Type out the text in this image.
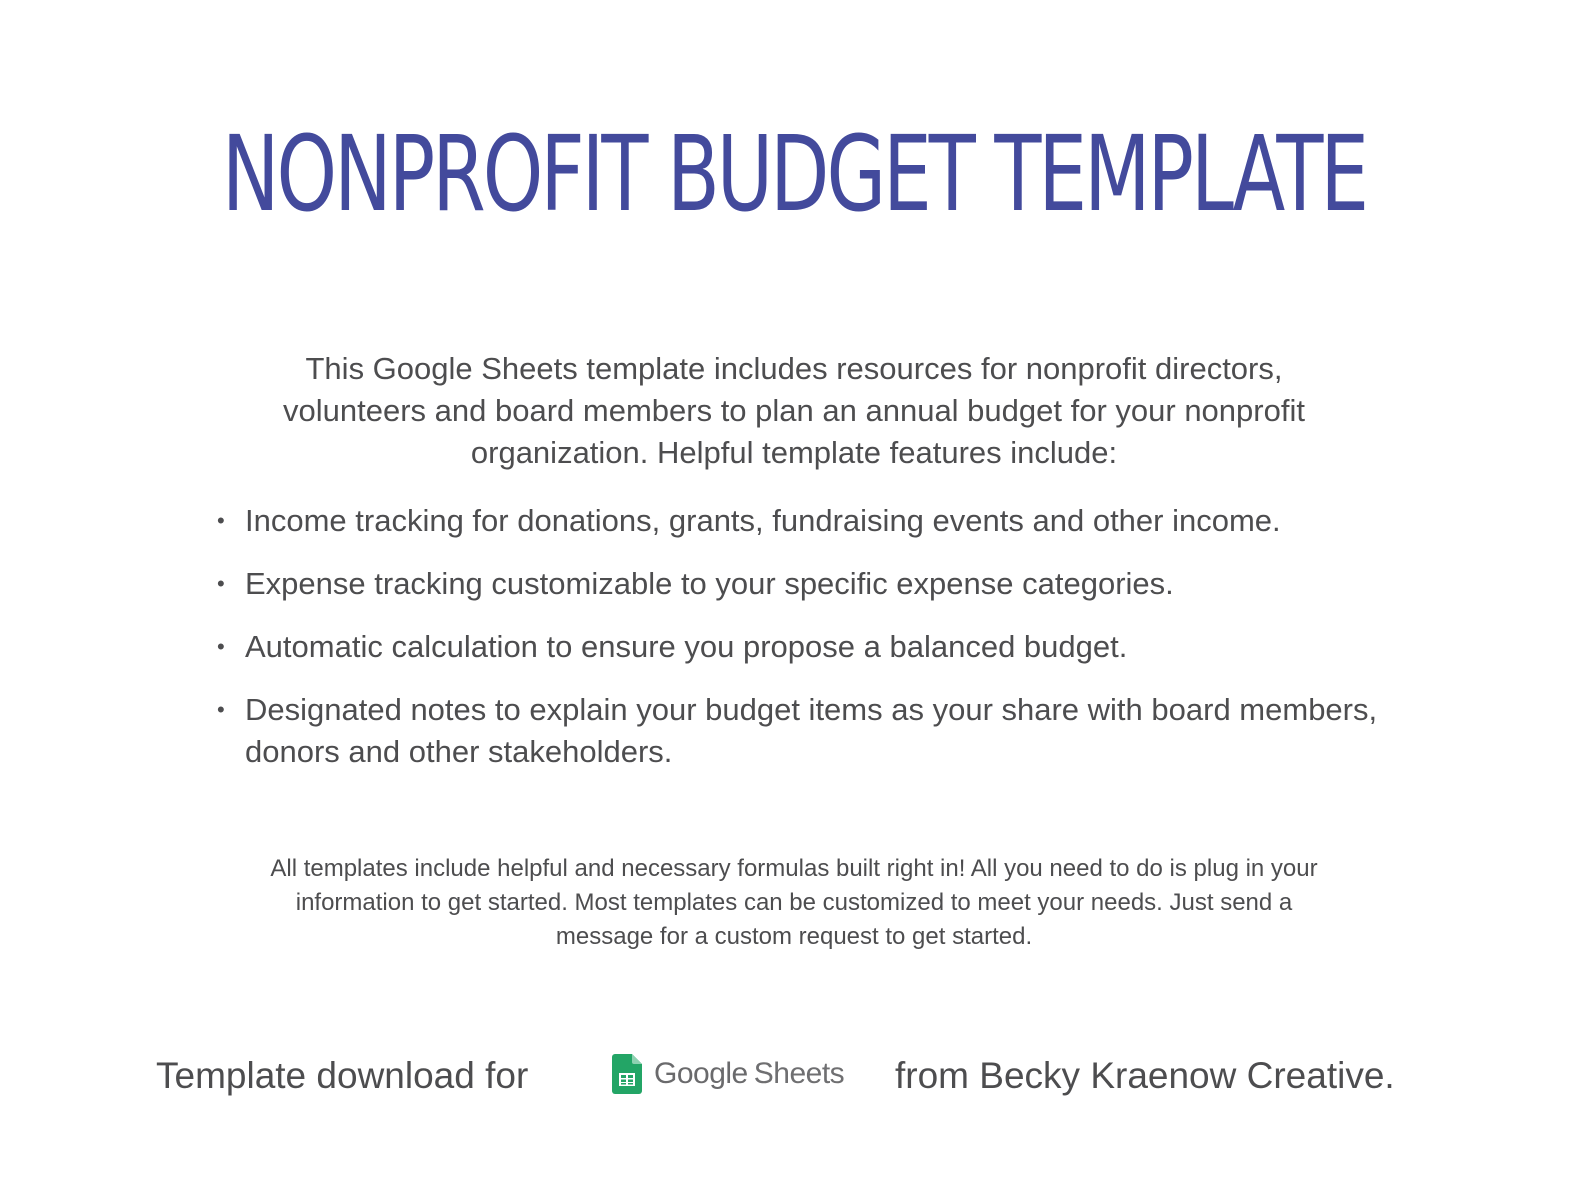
NONPROFIT BUDGET TEMPLATE

This Google Sheets template includes resources for nonprofit directors, volunteers and board members to plan an annual budget for your nonprofit organization. Helpful template features include:

• Income tracking for donations, grants, fundraising events and other income.
• Expense tracking customizable to your specific expense categories.
• Automatic calculation to ensure you propose a balanced budget.
• Designated notes to explain your budget items as your share with board members, donors and other stakeholders.

All templates include helpful and necessary formulas built right in! All you need to do is plug in your information to get started. Most templates can be customized to meet your needs. Just send a message for a custom request to get started.

Template download for	Google Sheets from Becky Kraenow Creative.
